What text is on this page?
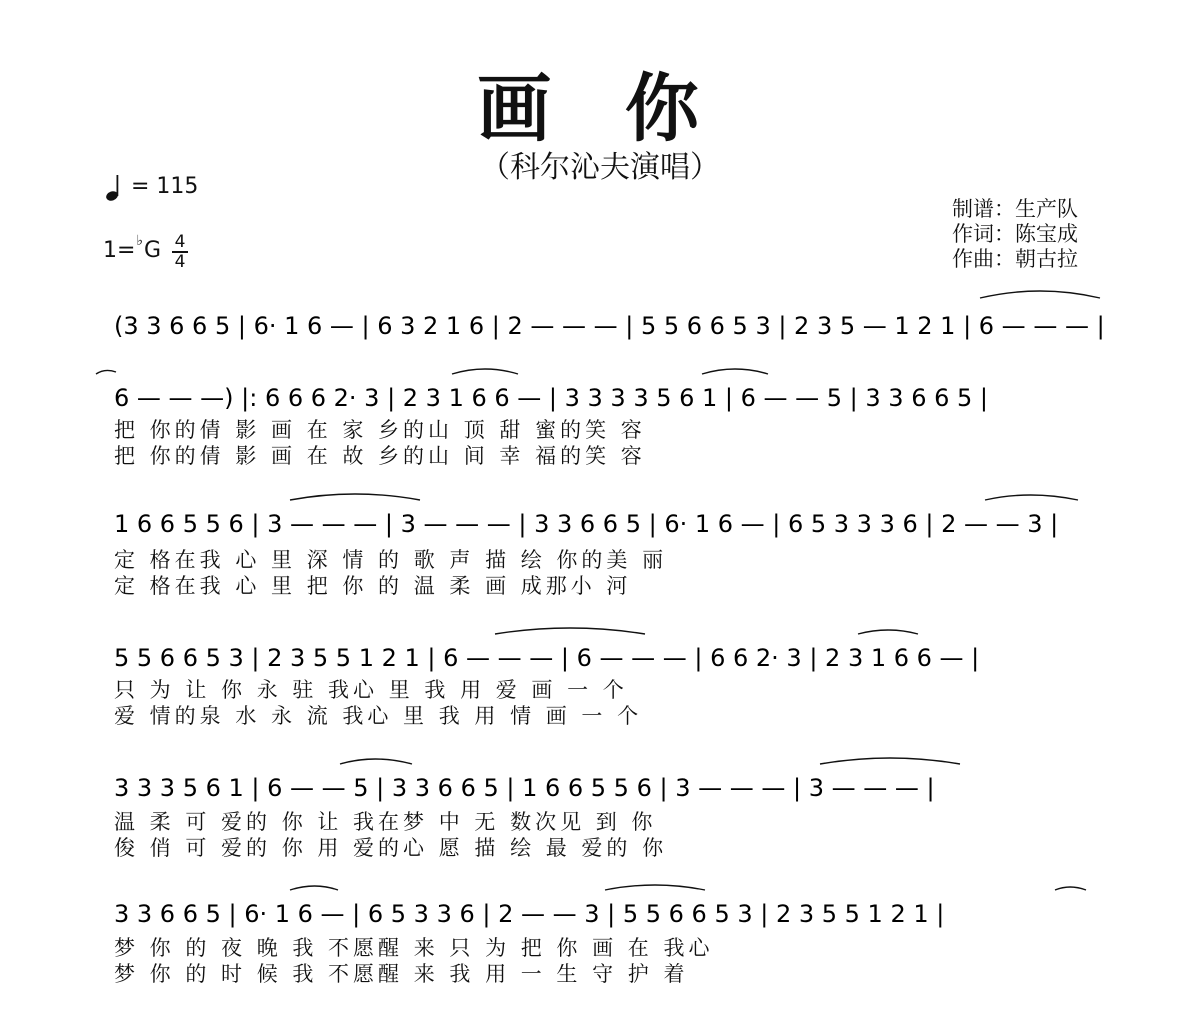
画 你
（科尔沁夫演唱）
= 115
1=♭G 4
4
制谱：生产队
作词：陈宝成
作曲：朝古拉
(3 3 6 6 5 | 6· 1 6 — | 6 3 2 1 6 | 2 — — — | 5 5 6 6 5 3 | 2 3 5 — 1 2 1 | 6 — — — |
6 — — —) |: 6 6 6 2· 3 | 2 3 1 6 6 — | 3 3 3 3 5 6 1 | 6 — — 5 | 3 3 6 6 5 |
把 你的倩 影 画 在 家 乡的山 顶 甜 蜜的笑 容
把 你的倩 影 画 在 故 乡的山 间 幸 福的笑 容
1 6 6 5 5 6 | 3 — — — | 3 — — — | 3 3 6 6 5 | 6· 1 6 — | 6 5 3 3 3 6 | 2 — — 3 |
定 格在我 心 里 深 情 的 歌 声 描 绘 你的美 丽
定 格在我 心 里 把 你 的 温 柔 画 成那小 河
5 5 6 6 5 3 | 2 3 5 5 1 2 1 | 6 — — — | 6 — — — | 6 6 2· 3 | 2 3 1 6 6 — |
只 为 让 你 永 驻 我心 里 我 用 爱 画 一 个
爱 情的泉 水 永 流 我心 里 我 用 情 画 一 个
3 3 3 5 6 1 | 6 — — 5 | 3 3 6 6 5 | 1 6 6 5 5 6 | 3 — — — | 3 — — — |
温 柔 可 爱的 你 让 我在梦 中 无 数次见 到 你
俊 俏 可 爱的 你 用 爱的心 愿 描 绘 最 爱的 你
3 3 6 6 5 | 6· 1 6 — | 6 5 3 3 6 | 2 — — 3 | 5 5 6 6 5 3 | 2 3 5 5 1 2 1 |
梦 你 的 夜 晚 我 不愿醒 来 只 为 把 你 画 在 我心
梦 你 的 时 候 我 不愿醒 来 我 用 一 生 守 护 着
